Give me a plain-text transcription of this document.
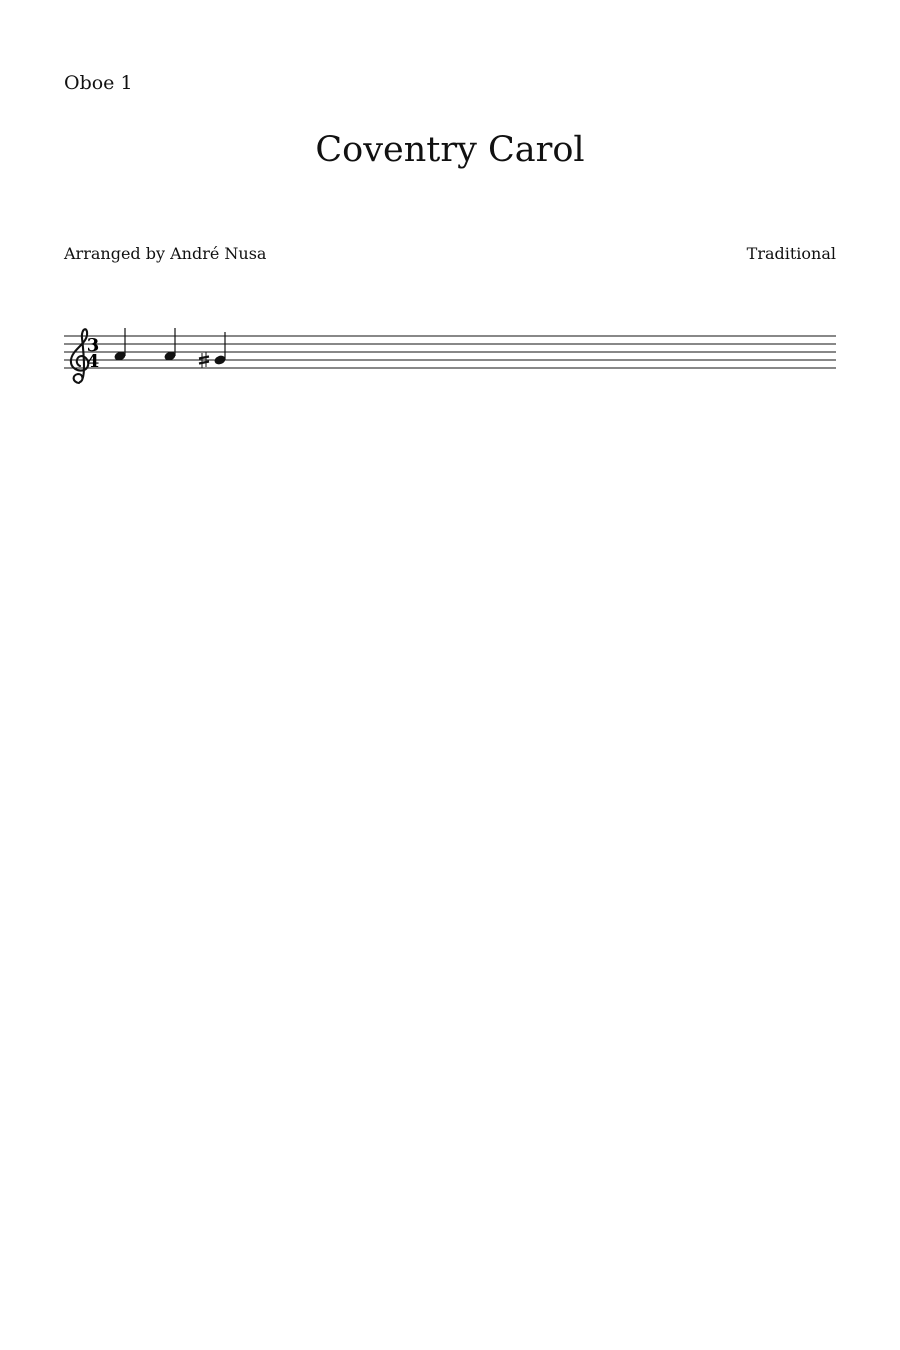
Oboe 1
Coventry Carol
Arranged by André Nusa	Traditional
3
4
